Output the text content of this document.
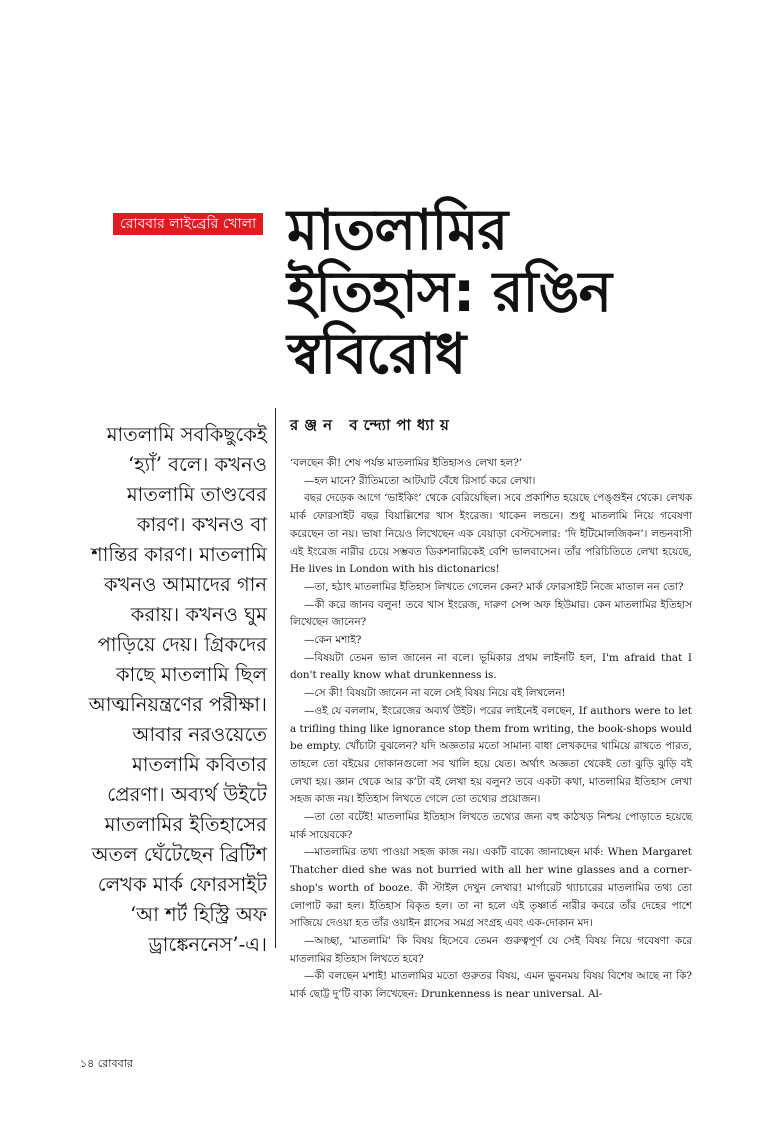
রোববার লাইব্রেরি খোলা মাতলামির
ইতিহাস: রঙিন
স্ববিরোধ
রঞ্জন বন্দ্যোপাধ্যায়
মাতলামি সবকিছুকেই
‘হ্যাঁ’ বলে। কখনও
মাতলামি তাণ্ডবের
কারণ। কখনও বা
শান্তির কারণ। মাতলামি
কখনও আমাদের গান
করায়। কখনও ঘুম
পাড়িয়ে দেয়। গ্রিকদের
কাছে মাতলামি ছিল
আত্মনিয়ন্ত্রণের পরীক্ষা।
আবার নরওয়েতে
মাতলামি কবিতার
প্রেরণা। অব্যর্থ উইটে
মাতলামির ইতিহাসের
অতল ঘেঁটেছেন ব্রিটিশ
লেখক মার্ক ফোরসাইট
‘আ শর্ট হিস্ট্রি অফ
ড্রাঙ্কেননেস’-এ।

‘বলছেন কী! শেষ পর্যন্ত মাতলামির ইতিহাসও লেখা হল?’

—হল মানে? রীতিমতো আটঘাট বেঁধে রিসার্চ করে লেখা।

বছর দেড়েক আগে ‘ভাইকিং’ থেকে বেরিয়েছিল। সবে প্রকাশিত হয়েছে পেঙ্গুইন থেকে। লেখক মার্ক ফোরসাইট বছর বিয়াল্লিশের খাস ইংরেজ। থাকেন লন্ডনে। শুধু মাতলামি নিয়ে গবেষণা করেছেন তা নয়। ভাষা নিয়েও লিখেছেন এক বেয়াড়া বেস্টসেলার: ‘দি ইটিমোলজিকন’। লন্ডনবাসী এই ইংরেজ নারীর চেয়ে সম্ভবত ডিকশনারিকেই বেশি ভালবাসেন। তাঁর পরিচিতিতে লেখা হয়েছে, He lives in London with his dictonarics!

—তা, হঠাৎ মাতলামির ইতিহাস লিখতে গেলেন কেন? মার্ক ফোরসাইট নিজে মাতাল নন তো?

—কী করে জানব বলুন! তবে খাস ইংরেজ, দারুণ সেন্স অফ হিউমার। কেন মাতলামির ইতিহাস লিখেছেন জানেন?

—কেন মশাই?

—বিষয়টা তেমন ভাল জানেন না বলে। ভূমিকার প্রথম লাইনটি হল, I'm afraid that I don't really know what drunkenness is.

—সে কী! বিষয়টা জানেন না বলে সেই বিষয় নিয়ে বই লিখলেন!

—ওই যে বললাম, ইংরেজের অব্যর্থ উইট। পরের লাইনেই বলছেন, If authors were to let a trifling thing like ignorance stop them from writing, the book-shops would be empty. খোঁচাটা বুঝলেন? যদি অজ্ঞতার মতো সামান্য বাধা লেখকদের থামিয়ে রাখতে পারত, তাহলে তো বইয়ের দোকানগুলো সব খালি হয়ে যেত। অর্থাৎ অজ্ঞতা থেকেই তো ঝুড়ি ঝুড়ি বই লেখা হয়। জ্ঞান থেকে আর ক’টা বই লেখা হয় বলুন? তবে একটা কথা, মাতলামির ইতিহাস লেখা সহজ কাজ নয়। ইতিহাস লিখতে গেলে তো তথ্যের প্রয়োজন।

—তা তো বটেই! মাতলামির ইতিহাস লিখতে তথ্যের জন্য বহু কাঠখড় নিশ্চয় পোড়াতে হয়েছে মার্ক সায়েবকে?

—মাতলামির তথ্য পাওয়া সহজ কাজ নয়। একটি বাক্যে জানাচ্ছেন মার্ক: When Margaret Thatcher died she was not burried with all her wine glasses and a corner-shop's worth of booze. কী স্টাইল দেখুন লেখার! মার্গারেট থ্যাচারের মাতলামির তথ্য তো লোপাট করা হল। ইতিহাস বিকৃত হল। তা না হলে এই তৃষ্ণার্ত নারীর কবরে তাঁর দেহের পাশে সাজিয়ে দেওয়া হত তাঁর ওয়াইন গ্লাসের সমগ্র সংগ্রহ এবং এক-দোকান মদ।

—আচ্ছা, ‘মাতলামি’ কি বিষয় হিসেবে তেমন গুরুত্বপূর্ণ যে সেই বিষয় নিয়ে গবেষণা করে মাতলামির ইতিহাস লিখতে হবে?

—কী বলছেন মশাই! মাতলামির মতো গুরুতর বিষয়, এমন ভুবনময় বিষয় বিশেষ আছে না কি? মার্ক ছোট্ট দু’টি বাক্য লিখেছেন: Drunkenness is near universal. Al-

১৪ রোববার
